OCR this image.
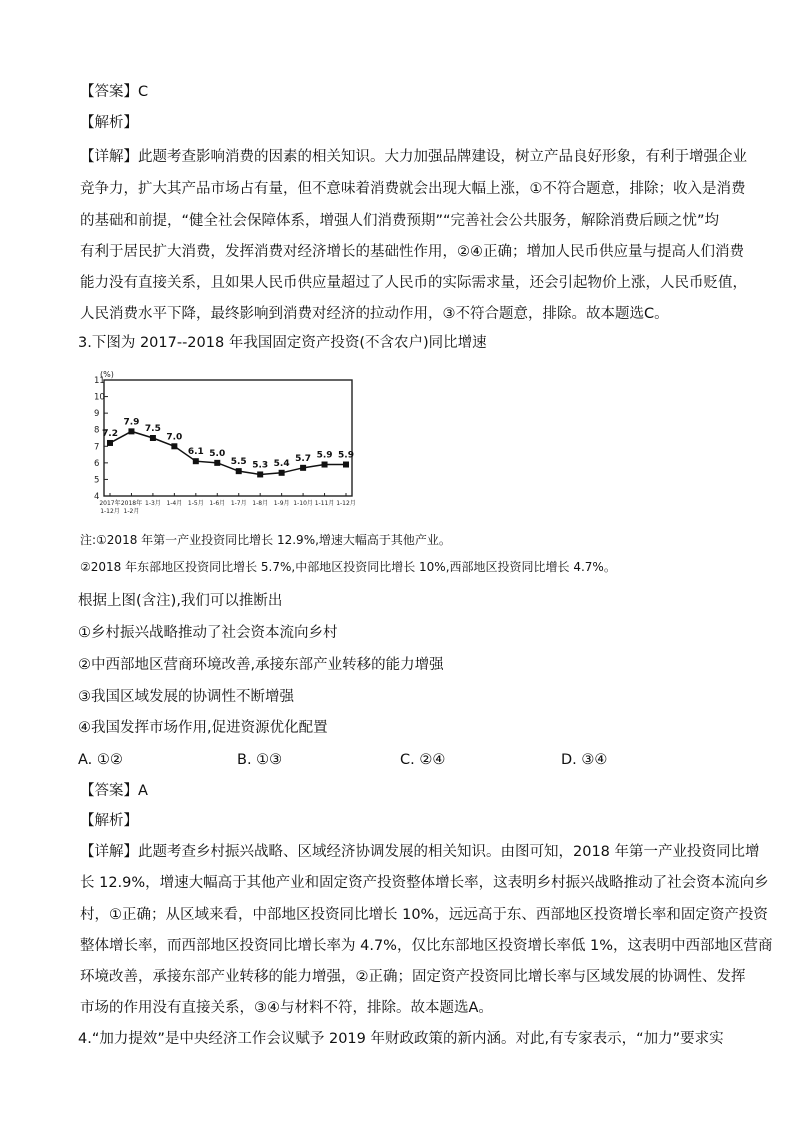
【答案】C
【解析】
【详解】此题考查影响消费的因素的相关知识。大力加强品牌建设，树立产品良好形象，有利于增强企业
竞争力，扩大其产品市场占有量，但不意味着消费就会出现大幅上涨，①不符合题意，排除；收入是消费
的基础和前提，“健全社会保障体系，增强人们消费预期”“完善社会公共服务，解除消费后顾之忧”均
有利于居民扩大消费，发挥消费对经济增长的基础性作用，②④正确；增加人民币供应量与提高人们消费
能力没有直接关系，且如果人民币供应量超过了人民币的实际需求量，还会引起物价上涨，人民币贬值，
人民消费水平下降，最终影响到消费对经济的拉动作用，③不符合题意，排除。故本题选C。
3.下图为 2017--2018 年我国固定资产投资(不含农户)同比增速
(%)
4
5
6
7
8
9
10
11
2017年 2018年 1-3月 1-4月 1-5月 1-6月 1-7月 1-8月 1-9月 1-10月 1-11月 1-12月
1-12月 1-2月
7.2
7.9
7.5
7.0
6.1 5.0
5.5 5.3 5.4 5.7 5.9 5.9
注:①2018 年第一产业投资同比增长 12.9%,增速大幅高于其他产业。
②2018 年东部地区投资同比增长 5.7%,中部地区投资同比增长 10%,西部地区投资同比增长 4.7%。
根据上图(含注),我们可以推断出
①乡村振兴战略推动了社会资本流向乡村
②中西部地区营商环境改善,承接东部产业转移的能力增强
③我国区域发展的协调性不断增强
④我国发挥市场作用,促进资源优化配置
A. ①②	B. ①③	C. ②④	D. ③④
【答案】A
【解析】
【详解】此题考查乡村振兴战略、区域经济协调发展的相关知识。由图可知，2018 年第一产业投资同比增
长 12.9%，增速大幅高于其他产业和固定资产投资整体增长率，这表明乡村振兴战略推动了社会资本流向乡
村，①正确；从区域来看，中部地区投资同比增长 10%，远远高于东、西部地区投资增长率和固定资产投资
整体增长率，而西部地区投资同比增长率为 4.7%，仅比东部地区投资增长率低 1%，这表明中西部地区营商
环境改善，承接东部产业转移的能力增强，②正确；固定资产投资同比增长率与区域发展的协调性、发挥
市场的作用没有直接关系，③④与材料不符，排除。故本题选A。
4.“加力提效”是中央经济工作会议赋予 2019 年财政政策的新内涵。对此,有专家表示，“加力”要求实
